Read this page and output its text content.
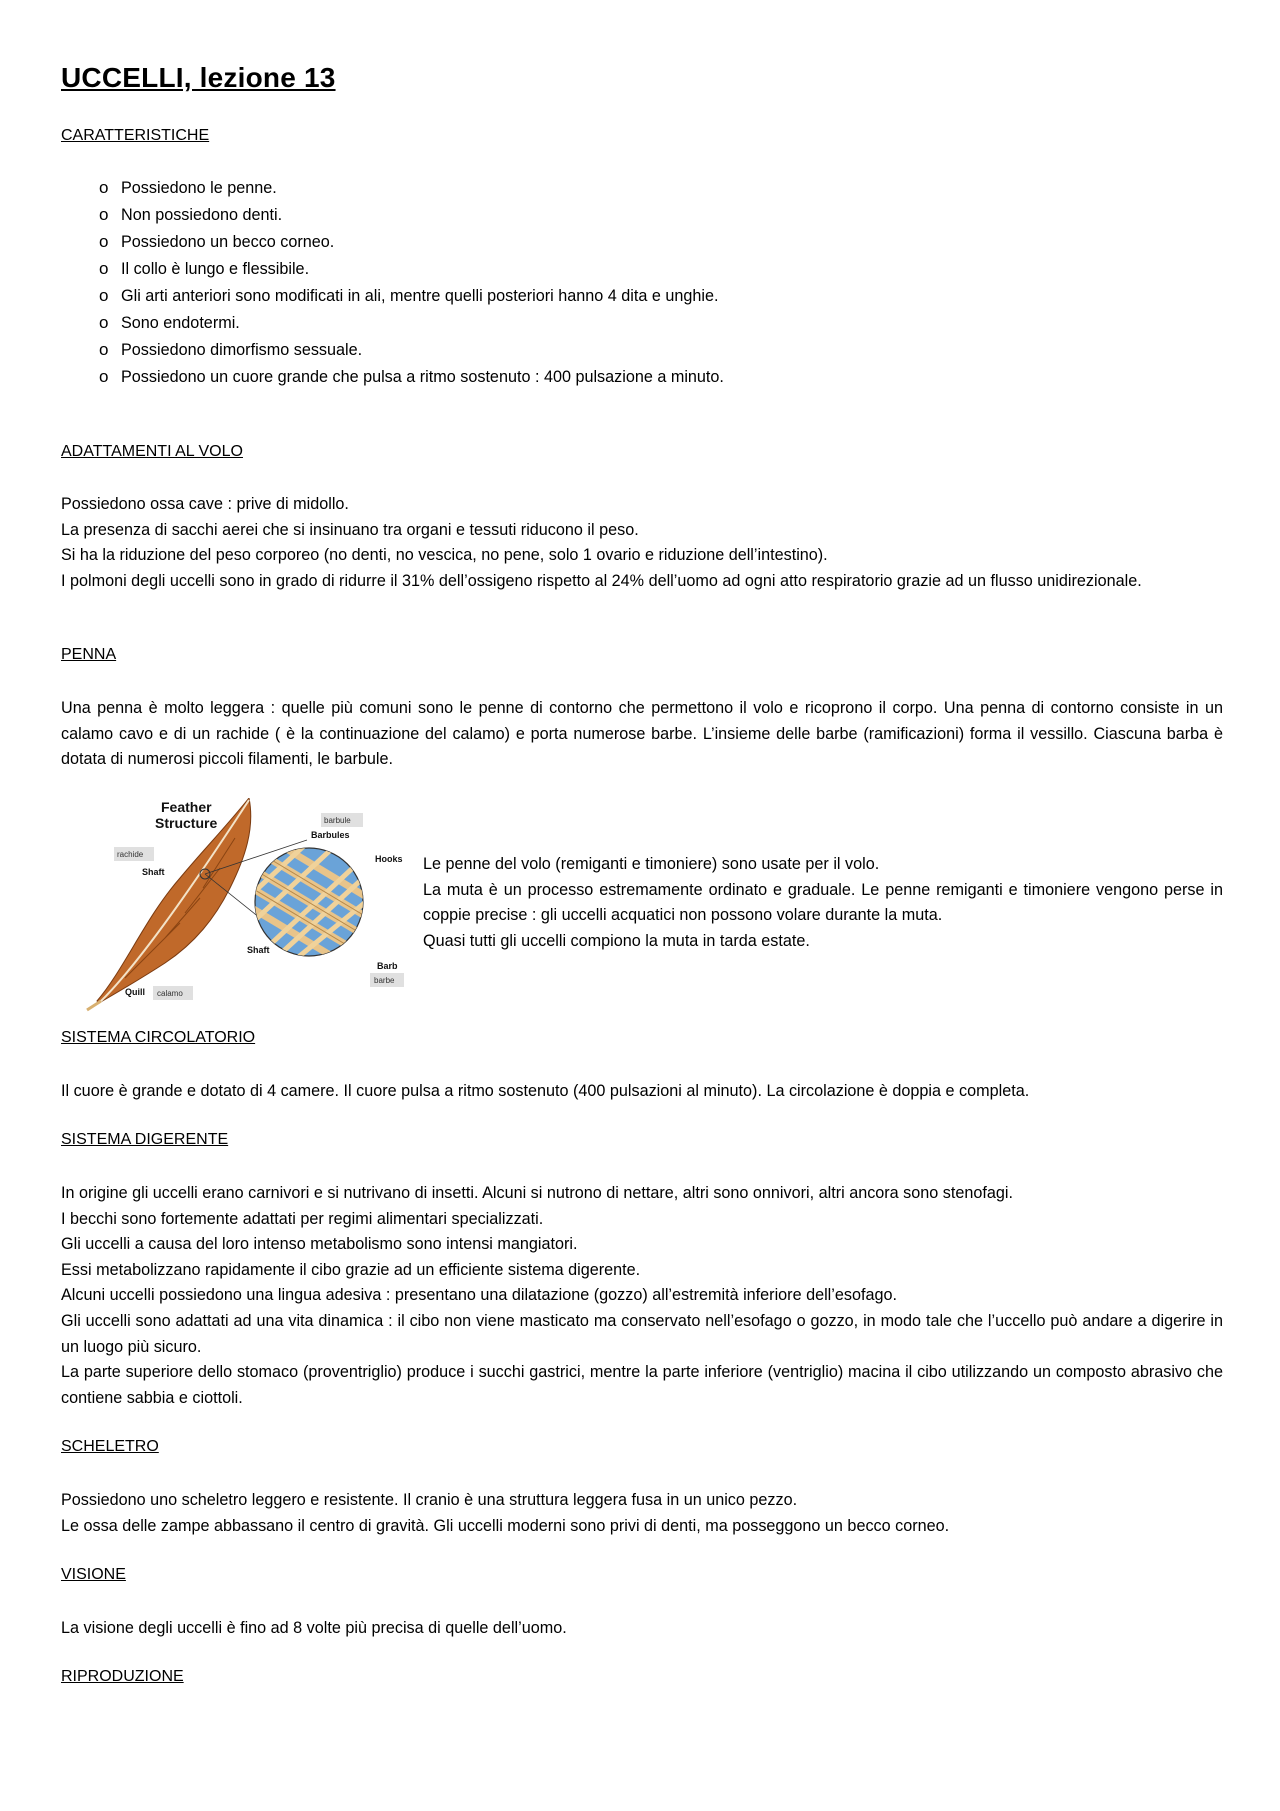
UCCELLI, lezione 13
CARATTERISTICHE
o Possiedono le penne.
o Non possiedono denti.
o Possiedono un becco corneo.
o Il collo è lungo e flessibile.
o Gli arti anteriori sono modificati in ali, mentre quelli posteriori hanno 4 dita e unghie.
o Sono endotermi.
o Possiedono dimorfismo sessuale.
o Possiedono un cuore grande che pulsa a ritmo sostenuto : 400 pulsazione a minuto.
ADATTAMENTI AL VOLO

Possiedono ossa cave : prive di midollo.

La presenza di sacchi aerei che si insinuano tra organi e tessuti riducono il peso.

Si ha la riduzione del peso corporeo (no denti, no vescica, no pene, solo 1 ovario e riduzione dell’intestino).

I polmoni degli uccelli sono in grado di ridurre il 31% dell’ossigeno rispetto al 24% dell’uomo ad ogni atto respiratorio grazie ad un flusso unidirezionale.

PENNA

Una penna è molto leggera : quelle più comuni sono le penne di contorno che permettono il volo e ricoprono il corpo. Una penna di contorno consiste in un calamo cavo e di un rachide ( è la continuazione del calamo) e porta numerose barbe. L’insieme delle barbe (ramificazioni) forma il vessillo. Ciascuna barba è dotata di numerosi piccoli filamenti, le barbule.

Feather
Structure
rachide
Shaft
barbule
Barbules
Hooks
Shaft
Barb
barbe
Quill calamo

Le penne del volo (remiganti e timoniere) sono usate per il volo.

La muta è un processo estremamente ordinato e graduale. Le penne remiganti e timoniere vengono perse in coppie precise : gli uccelli acquatici non possono volare durante la muta.

Quasi tutti gli uccelli compiono la muta in tarda estate.

SISTEMA CIRCOLATORIO

Il cuore è grande e dotato di 4 camere. Il cuore pulsa a ritmo sostenuto (400 pulsazioni al minuto). La circolazione è doppia e completa.

SISTEMA DIGERENTE

In origine gli uccelli erano carnivori e si nutrivano di insetti. Alcuni si nutrono di nettare, altri sono onnivori, altri ancora sono stenofagi.

I becchi sono fortemente adattati per regimi alimentari specializzati.

Gli uccelli a causa del loro intenso metabolismo sono intensi mangiatori.

Essi metabolizzano rapidamente il cibo grazie ad un efficiente sistema digerente.

Alcuni uccelli possiedono una lingua adesiva : presentano una dilatazione (gozzo) all’estremità inferiore dell’esofago.

Gli uccelli sono adattati ad una vita dinamica : il cibo non viene masticato ma conservato nell’esofago o gozzo, in modo tale che l’uccello può andare a digerire in un luogo più sicuro.

La parte superiore dello stomaco (proventriglio) produce i succhi gastrici, mentre la parte inferiore (ventriglio) macina il cibo utilizzando un composto abrasivo che contiene sabbia e ciottoli.

SCHELETRO

Possiedono uno scheletro leggero e resistente. Il cranio è una struttura leggera fusa in un unico pezzo.

Le ossa delle zampe abbassano il centro di gravità. Gli uccelli moderni sono privi di denti, ma posseggono un becco corneo.

VISIONE

La visione degli uccelli è fino ad 8 volte più precisa di quelle dell’uomo.

RIPRODUZIONE
